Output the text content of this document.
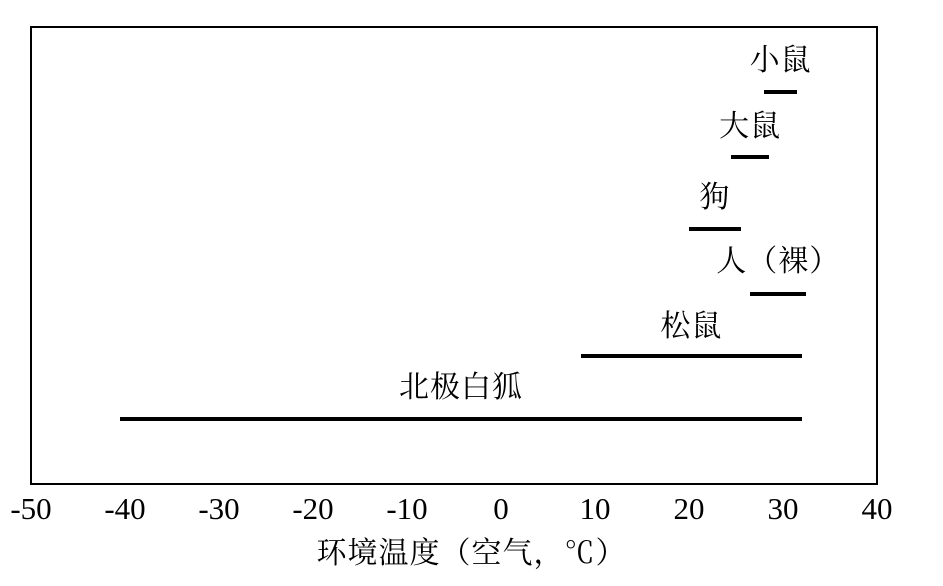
小鼠
大鼠
狗
人（裸）
松鼠
北极白狐
-50 -40 -30 -20 -10 0 10 20 30 40
环境温度（空气，℃）
